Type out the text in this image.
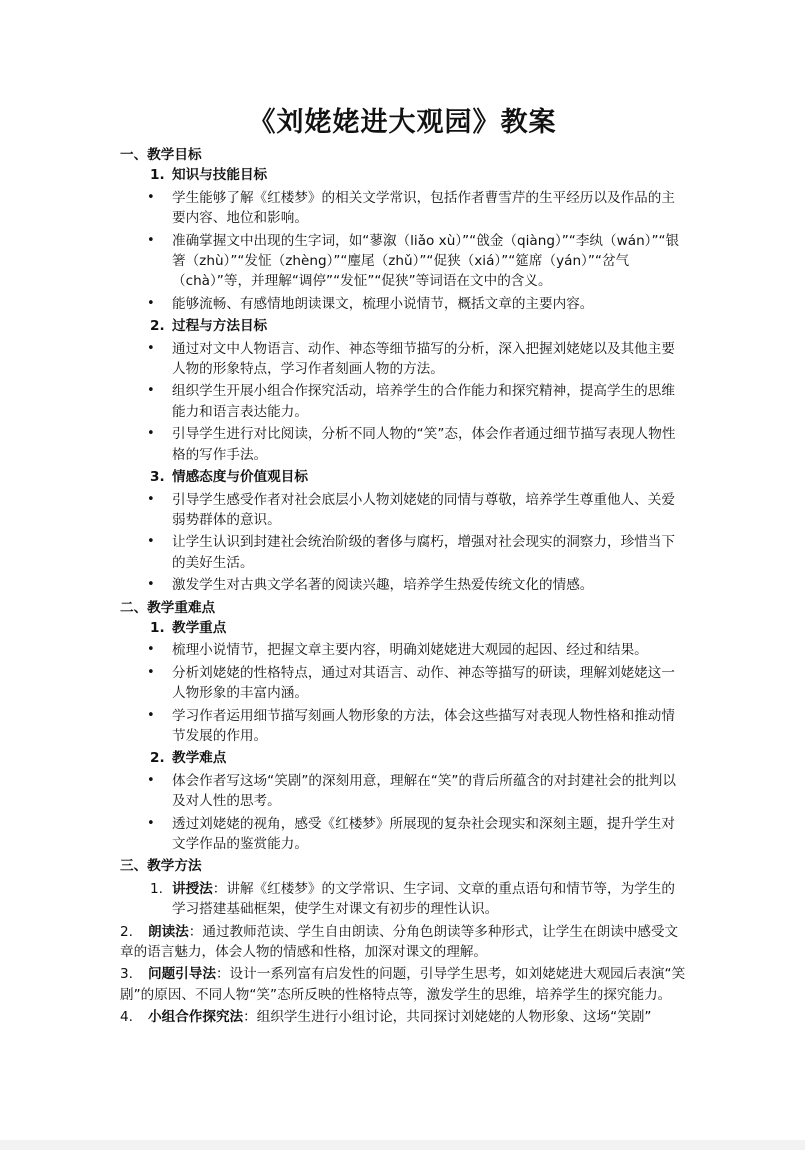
《刘姥姥进大观园》教案
一、教学目标
1. 知识与技能目标
• 学生能够了解《红楼梦》的相关文学常识，包括作者曹雪芹的生平经历以及作品的主要内容、地位和影响。
• 准确掌握文中出现的生字词，如“蓼溆（liǎo xù）”“戗金（qiàng）”“李纨（wán）”“银箸（zhù）”“发怔（zhèng）”“麈尾（zhǔ）”“促狭（xiá）”“筵席（yán）”“岔气（chà）”等，并理解“调停”“发怔”“促狭”等词语在文中的含义。
• 能够流畅、有感情地朗读课文，梳理小说情节，概括文章的主要内容。
2. 过程与方法目标
• 通过对文中人物语言、动作、神态等细节描写的分析，深入把握刘姥姥以及其他主要人物的形象特点，学习作者刻画人物的方法。
• 组织学生开展小组合作探究活动，培养学生的合作能力和探究精神，提高学生的思维能力和语言表达能力。
• 引导学生进行对比阅读，分析不同人物的“笑”态，体会作者通过细节描写表现人物性格的写作手法。
3. 情感态度与价值观目标
• 引导学生感受作者对社会底层小人物刘姥姥的同情与尊敬，培养学生尊重他人、关爱弱势群体的意识。
• 让学生认识到封建社会统治阶级的奢侈与腐朽，增强对社会现实的洞察力，珍惜当下的美好生活。
• 激发学生对古典文学名著的阅读兴趣，培养学生热爱传统文化的情感。
二、教学重难点
1. 教学重点
• 梳理小说情节，把握文章主要内容，明确刘姥姥进大观园的起因、经过和结果。
• 分析刘姥姥的性格特点，通过对其语言、动作、神态等描写的研读，理解刘姥姥这一人物形象的丰富内涵。
• 学习作者运用细节描写刻画人物形象的方法，体会这些描写对表现人物性格和推动情节发展的作用。
2. 教学难点
• 体会作者写这场“笑剧”的深刻用意，理解在“笑”的背后所蕴含的对封建社会的批判以及对人性的思考。
• 透过刘姥姥的视角，感受《红楼梦》所展现的复杂社会现实和深刻主题，提升学生对文学作品的鉴赏能力。
三、教学方法
1. 讲授法：讲解《红楼梦》的文学常识、生字词、文章的重点语句和情节等，为学生的学习搭建基础框架，使学生对课文有初步的理性认识。
2. 朗读法：通过教师范读、学生自由朗读、分角色朗读等多种形式，让学生在朗读中感受文章的语言魅力，体会人物的情感和性格，加深对课文的理解。
3. 问题引导法：设计一系列富有启发性的问题，引导学生思考，如刘姥姥进大观园后表演“笑剧”的原因、不同人物“笑”态所反映的性格特点等，激发学生的思维，培养学生的探究能力。
4. 小组合作探究法：组织学生进行小组讨论，共同探讨刘姥姥的人物形象、这场“笑剧”
